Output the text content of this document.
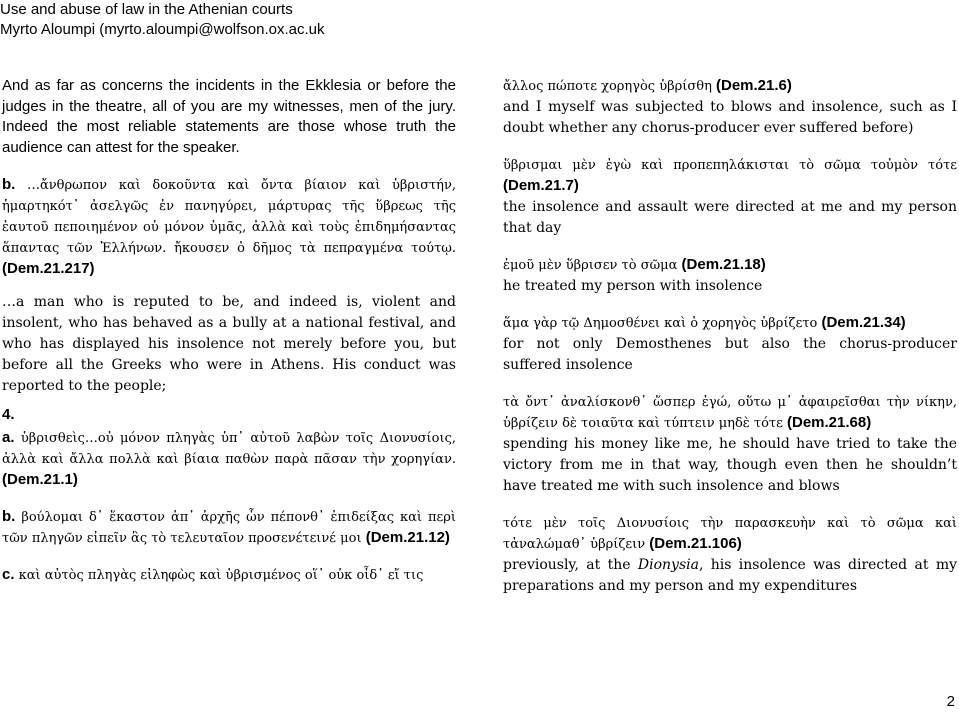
Use and abuse of law in the Athenian courts
Myrto Aloumpi (myrto.aloumpi@wolfson.ox.ac.uk

And as far as concerns the incidents in the Ekklesia or before the judges in the theatre, all of you are my witnesses, men of the jury. Indeed the most reliable statements are those whose truth the audience can attest for the speaker.

b. …ἄνθρωπον καὶ δοκοῦντα καὶ ὄντα βίαιον καὶ ὑβριστήν, ἡμαρτηκότ᾽ ἀσελγῶς ἐν πανηγύρει, μάρτυρας τῆς ὕβρεως τῆς ἑαυτοῦ πεποιημένον οὐ μόνον ὑμᾶς, ἀλλὰ καὶ τοὺς ἐπιδημήσαντας ἅπαντας τῶν Ἑλλήνων. ἤκουσεν ὁ δῆμος τὰ πεπραγμένα τούτῳ. (Dem.21.217)

…a man who is reputed to be, and indeed is, violent and insolent, who has behaved as a bully at a national festival, and who has displayed his insolence not merely before you, but before all the Greeks who were in Athens. His conduct was reported to the people;

4.

a. ὑβρισθεὶς…οὐ μόνον πληγὰς ὑπ᾽ αὐτοῦ λαβὼν τοῖς Διονυσίοις, ἀλλὰ καὶ ἄλλα πολλὰ καὶ βίαια παθὼν παρὰ πᾶσαν τὴν χορηγίαν. (Dem.21.1)

b. βούλομαι δ᾽ ἕκαστον ἀπ᾽ ἀρχῆς ὧν πέπονθ᾽ ἐπιδείξας καὶ περὶ τῶν πληγῶν εἰπεῖν ἃς τὸ τελευταῖον προσενέτεινέ μοι (Dem.21.12)

c. καὶ αὐτὸς πληγὰς εἰληφὼς καὶ ὑβρισμένος οἵ᾽ οὐκ οἶδ᾽ εἴ τις

ἄλλος πώποτε χορηγὸς ὑβρίσθη (Dem.21.6)
and I myself was subjected to blows and insolence, such as I doubt whether any chorus-producer ever suffered before)
ὕβρισμαι μὲν ἐγὼ καὶ προπεπηλάκισται τὸ σῶμα τοὐμὸν τότε (Dem.21.7)
the insolence and assault were directed at me and my person that day
ἐμοῦ μὲν ὕβρισεν τὸ σῶμα (Dem.21.18)
he treated my person with insolence
ἅμα γὰρ τῷ Δημοσθένει καὶ ὁ χορηγὸς ὑβρίζετο (Dem.21.34)
for not only Demosthenes but also the chorus-producer suffered insolence
τὰ ὄντ᾽ ἀναλίσκονθ᾽ ὥσπερ ἐγώ, οὕτω μ᾽ ἀφαιρεῖσθαι τὴν νίκην, ὑβρίζειν δὲ τοιαῦτα καὶ τύπτειν μηδὲ τότε (Dem.21.68)
spending his money like me, he should have tried to take the victory from me in that way, though even then he shouldn’t have treated me with such insolence and blows
τότε μὲν τοῖς Διονυσίοις τὴν παρασκευὴν καὶ τὸ σῶμα καὶ τἀναλώμαθ᾽ ὑβρίζειν (Dem.21.106)
previously, at the Dionysia, his insolence was directed at my preparations and my person and my expenditures
2
